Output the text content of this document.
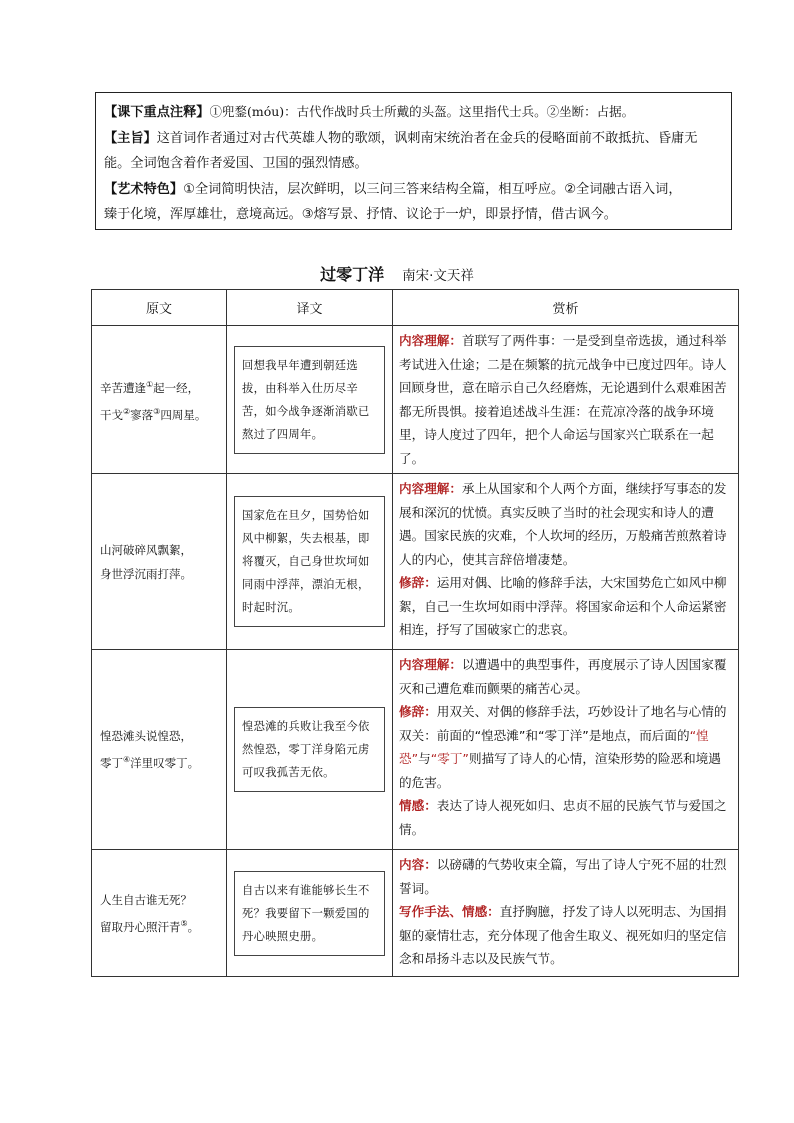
【课下重点注释】①兜鍪(móu)：古代作战时兵士所戴的头盔。这里指代士兵。②坐断：占据。
【主旨】这首词作者通过对古代英雄人物的歌颂，讽刺南宋统治者在金兵的侵略面前不敢抵抗、昏庸无
能。全词饱含着作者爱国、卫国的强烈情感。
【艺术特色】①全词简明快洁，层次鲜明，以三问三答来结构全篇，相互呼应。②全词融古语入词，
臻于化境，浑厚雄壮，意境高远。③熔写景、抒情、议论于一炉，即景抒情，借古讽今。
过零丁洋 南宋·文天祥
原文	译文	赏析
辛苦遭逢①起一经，
干戈②寥落③四周星。	回想我早年遭到朝廷选拔，由科举入仕历尽辛苦，如今战争逐渐消歇已熬过了四周年。	内容理解：首联写了两件事：一是受到皇帝选拔，通过科举考试进入仕途；二是在频繁的抗元战争中已度过四年。诗人回顾身世，意在暗示自己久经磨炼，无论遇到什么艰难困苦都无所畏惧。接着追述战斗生涯：在荒凉冷落的战争环境里，诗人度过了四年，把个人命运与国家兴亡联系在一起了。
山河破碎风飘絮，
身世浮沉雨打萍。	国家危在旦夕，国势恰如风中柳絮，失去根基，即将覆灭，自己身世坎坷如同雨中浮萍，漂泊无根，时起时沉。	内容理解：承上从国家和个人两个方面，继续抒写事态的发展和深沉的忧愤。真实反映了当时的社会现实和诗人的遭遇。国家民族的灾难，个人坎坷的经历，万般痛苦煎熬着诗人的内心，使其言辞倍增凄楚。
修辞：运用对偶、比喻的修辞手法，大宋国势危亡如风中柳絮，自己一生坎坷如雨中浮萍。将国家命运和个人命运紧密相连，抒写了国破家亡的悲哀。

惶恐滩头说惶恐，
零丁④洋里叹零丁。	惶恐滩的兵败让我至今依然惶恐，零丁洋身陷元虏可叹我孤苦无依。	内容理解：以遭遇中的典型事件，再度展示了诗人因国家覆灭和己遭危难而颤栗的痛苦心灵。
修辞：用双关、对偶的修辞手法，巧妙设计了地名与心情的双关：前面的“惶恐滩”和“零丁洋”是地点，而后面的“惶恐”与“零丁”则描写了诗人的心情，渲染形势的险恶和境遇的危害。
情感：表达了诗人视死如归、忠贞不屈的民族气节与爱国之情。

人生自古谁无死？
留取丹心照汗青⑤。	自古以来有谁能够长生不死？我要留下一颗爱国的丹心映照史册。	内容：以磅礴的气势收束全篇，写出了诗人宁死不屈的壮烈誓词。
写作手法、情感：直抒胸臆，抒发了诗人以死明志、为国捐躯的豪情壮志，充分体现了他舍生取义、视死如归的坚定信念和昂扬斗志以及民族气节。
